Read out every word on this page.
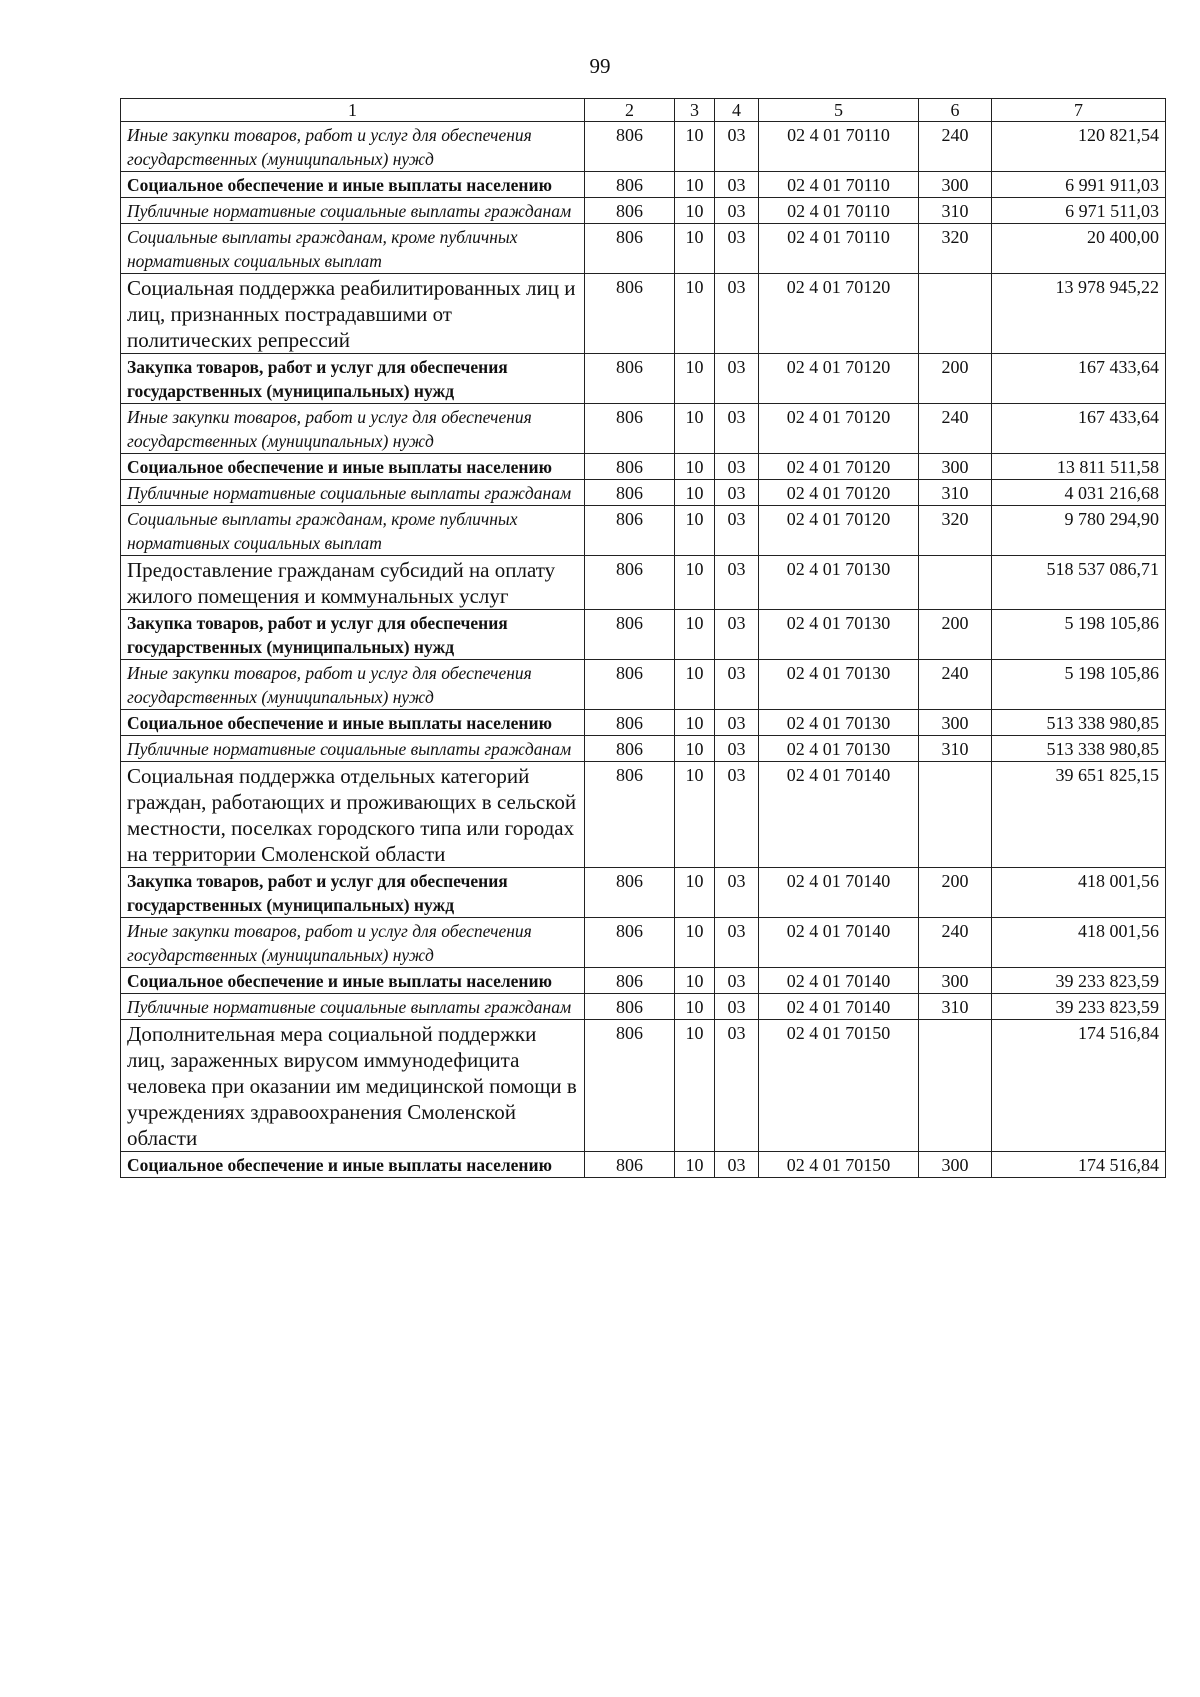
99
1	2	3	4	5	6	7
Иные закупки товаров, работ и услуг для обеспечения государственных (муниципальных) нужд	806	10	03	02 4 01 70110	240	120 821,54
Социальное обеспечение и иные выплаты населению	806	10	03	02 4 01 70110	300	6 991 911,03
Публичные нормативные социальные выплаты гражданам	806	10	03	02 4 01 70110	310	6 971 511,03
Социальные выплаты гражданам, кроме публичных нормативных социальных выплат	806	10	03	02 4 01 70110	320	20 400,00
Социальная поддержка реабилитированных лиц и лиц, признанных пострадавшими от политических репрессий	806	10	03	02 4 01 70120		13 978 945,22
Закупка товаров, работ и услуг для обеспечения государственных (муниципальных) нужд	806	10	03	02 4 01 70120	200	167 433,64
Иные закупки товаров, работ и услуг для обеспечения государственных (муниципальных) нужд	806	10	03	02 4 01 70120	240	167 433,64
Социальное обеспечение и иные выплаты населению	806	10	03	02 4 01 70120	300	13 811 511,58
Публичные нормативные социальные выплаты гражданам	806	10	03	02 4 01 70120	310	4 031 216,68
Социальные выплаты гражданам, кроме публичных нормативных социальных выплат	806	10	03	02 4 01 70120	320	9 780 294,90
Предоставление гражданам субсидий на оплату жилого помещения и коммунальных услуг	806	10	03	02 4 01 70130		518 537 086,71
Закупка товаров, работ и услуг для обеспечения государственных (муниципальных) нужд	806	10	03	02 4 01 70130	200	5 198 105,86
Иные закупки товаров, работ и услуг для обеспечения государственных (муниципальных) нужд	806	10	03	02 4 01 70130	240	5 198 105,86
Социальное обеспечение и иные выплаты населению	806	10	03	02 4 01 70130	300	513 338 980,85
Публичные нормативные социальные выплаты гражданам	806	10	03	02 4 01 70130	310	513 338 980,85
Социальная поддержка отдельных категорий граждан, работающих и проживающих в сельской местности, поселках городского типа или городах на территории Смоленской области	806	10	03	02 4 01 70140		39 651 825,15
Закупка товаров, работ и услуг для обеспечения государственных (муниципальных) нужд	806	10	03	02 4 01 70140	200	418 001,56
Иные закупки товаров, работ и услуг для обеспечения государственных (муниципальных) нужд	806	10	03	02 4 01 70140	240	418 001,56
Социальное обеспечение и иные выплаты населению	806	10	03	02 4 01 70140	300	39 233 823,59
Публичные нормативные социальные выплаты гражданам	806	10	03	02 4 01 70140	310	39 233 823,59
Дополнительная мера социальной поддержки лиц, зараженных вирусом иммунодефицита человека при оказании им медицинской помощи в учреждениях здравоохранения Смоленской области	806	10	03	02 4 01 70150		174 516,84
Социальное обеспечение и иные выплаты населению	806	10	03	02 4 01 70150	300	174 516,84
